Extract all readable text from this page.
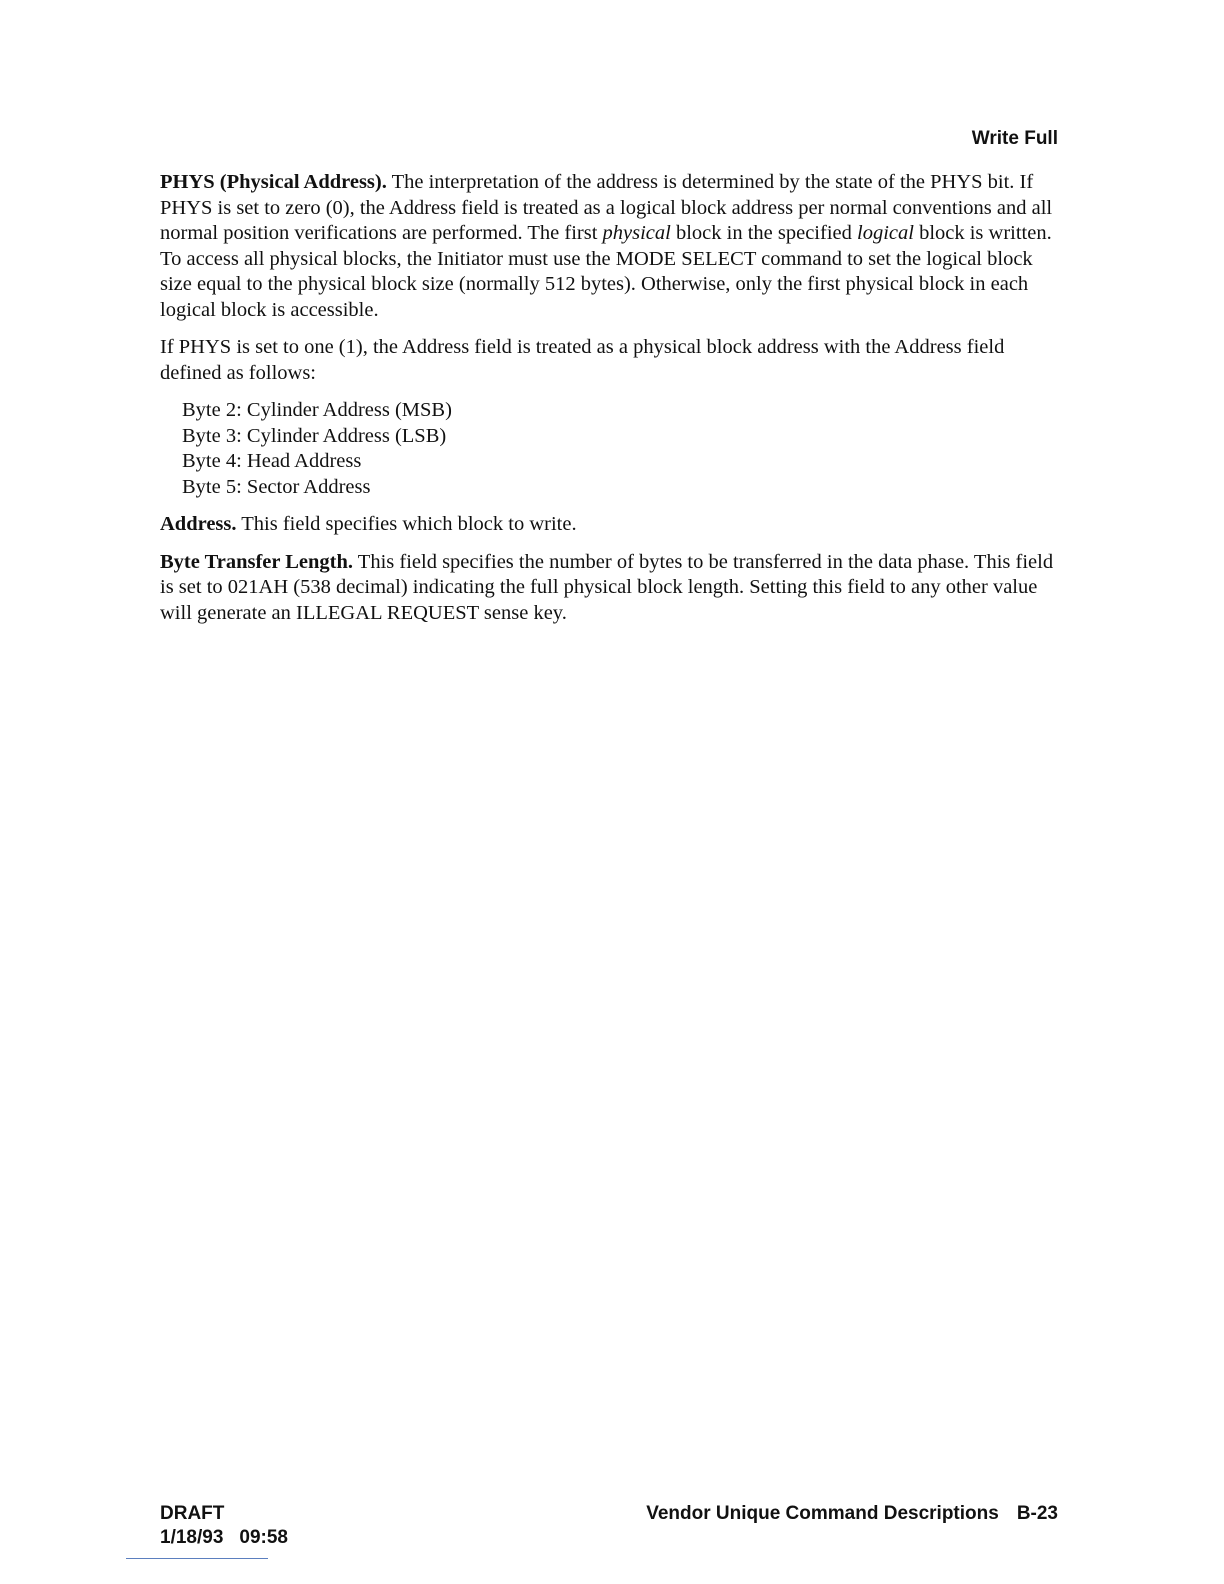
Write Full

PHYS (Physical Address). The interpretation of the address is determined by the state of the PHYS bit. If PHYS is set to zero (0), the Address field is treated as a logical block address per normal conventions and all normal position verifications are performed. The first physical block in the specified logical block is written. To access all physical blocks, the Initiator must use the MODE SELECT command to set the logical block size equal to the physical block size (normally 512 bytes). Otherwise, only the first physical block in each logical block is accessible.

If PHYS is set to one (1), the Address field is treated as a physical block address with the Address field defined as follows:

Byte 2: Cylinder Address (MSB)
Byte 3: Cylinder Address (LSB)
Byte 4: Head Address
Byte 5: Sector Address

Address. This field specifies which block to write.

Byte Transfer Length. This field specifies the number of bytes to be transferred in the data phase. This field is set to 021AH (538 decimal) indicating the full physical block length. Setting this field to any other value will generate an ILLEGAL REQUEST sense key.

DRAFT
1/18/93 09:58
Vendor Unique Command Descriptions B-23
